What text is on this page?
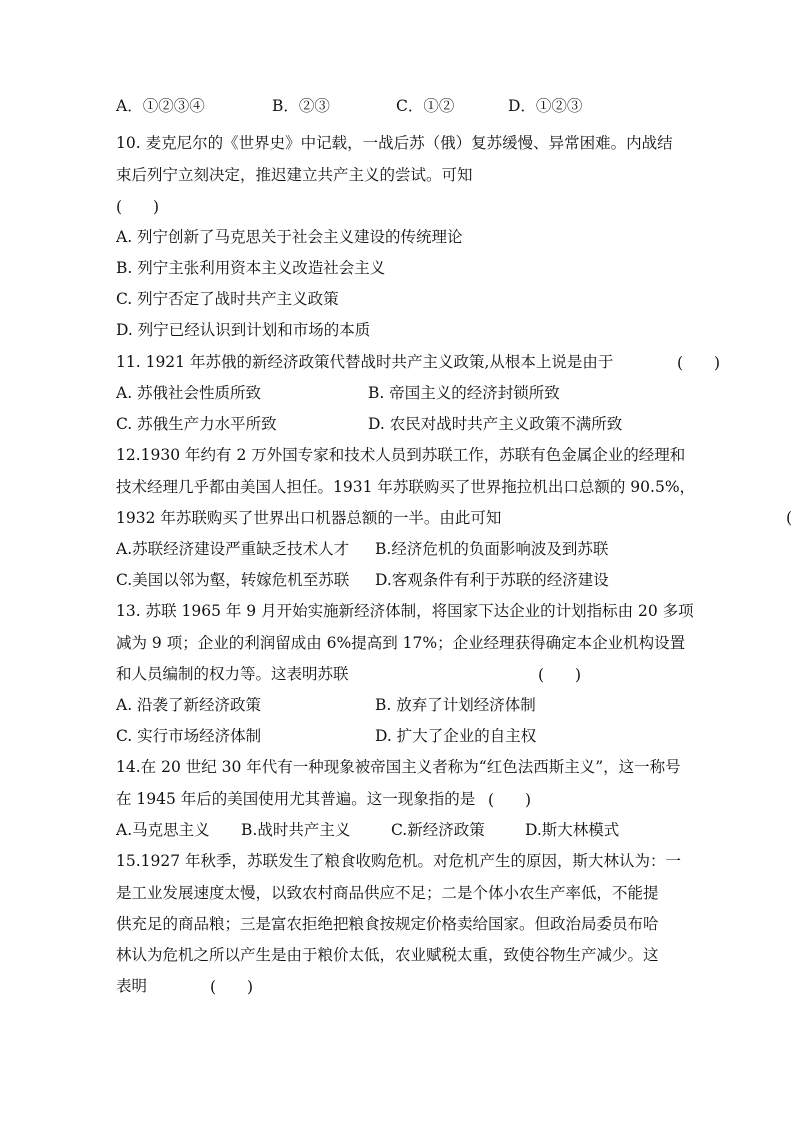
A．①②③④	B．②③	C．①②	D．①②③
10. 麦克尼尔的《世界史》中记载，一战后苏（俄）复苏缓慢、异常困难。内战结
束后列宁立刻决定，推迟建立共产主义的尝试。可知
(　　)
A. 列宁创新了马克思关于社会主义建设的传统理论
B. 列宁主张利用资本主义改造社会主义
C. 列宁否定了战时共产主义政策
D. 列宁已经认识到计划和市场的本质
11. 1921 年苏俄的新经济政策代替战时共产主义政策,从根本上说是由于	(　　)
A. 苏俄社会性质所致	B. 帝国主义的经济封锁所致
C. 苏俄生产力水平所致	D. 农民对战时共产主义政策不满所致
12.1930 年约有 2 万外国专家和技术人员到苏联工作，苏联有色金属企业的经理和
技术经理几乎都由美国人担任。1931 年苏联购买了世界拖拉机出口总额的 90.5%，
1932 年苏联购买了世界出口机器总额的一半。由此可知	(
A.苏联经济建设严重缺乏技术人才 B.经济危机的负面影响波及到苏联
C.美国以邻为壑，转嫁危机至苏联 D.客观条件有利于苏联的经济建设
13. 苏联 1965 年 9 月开始实施新经济体制，将国家下达企业的计划指标由 20 多项
减为 9 项；企业的利润留成由 6%提高到 17%；企业经理获得确定本企业机构设置
和人员编制的权力等。这表明苏联	(　　)
A. 沿袭了新经济政策	B. 放弃了计划经济体制
C. 实行市场经济体制	D. 扩大了企业的自主权
14.在 20 世纪 30 年代有一种现象被帝国主义者称为“红色法西斯主义”，这一称号
在 1945 年后的美国使用尤其普遍。这一现象指的是 (　　)
A.马克思主义 B.战时共产主义	C.新经济政策	D.斯大林模式
15.1927 年秋季，苏联发生了粮食收购危机。对危机产生的原因，斯大林认为：一
是工业发展速度太慢，以致农村商品供应不足；二是个体小农生产率低，不能提
供充足的商品粮；三是富农拒绝把粮食按规定价格卖给国家。但政治局委员布哈
林认为危机之所以产生是由于粮价太低，农业赋税太重，致使谷物生产减少。这
表明	(　　)
